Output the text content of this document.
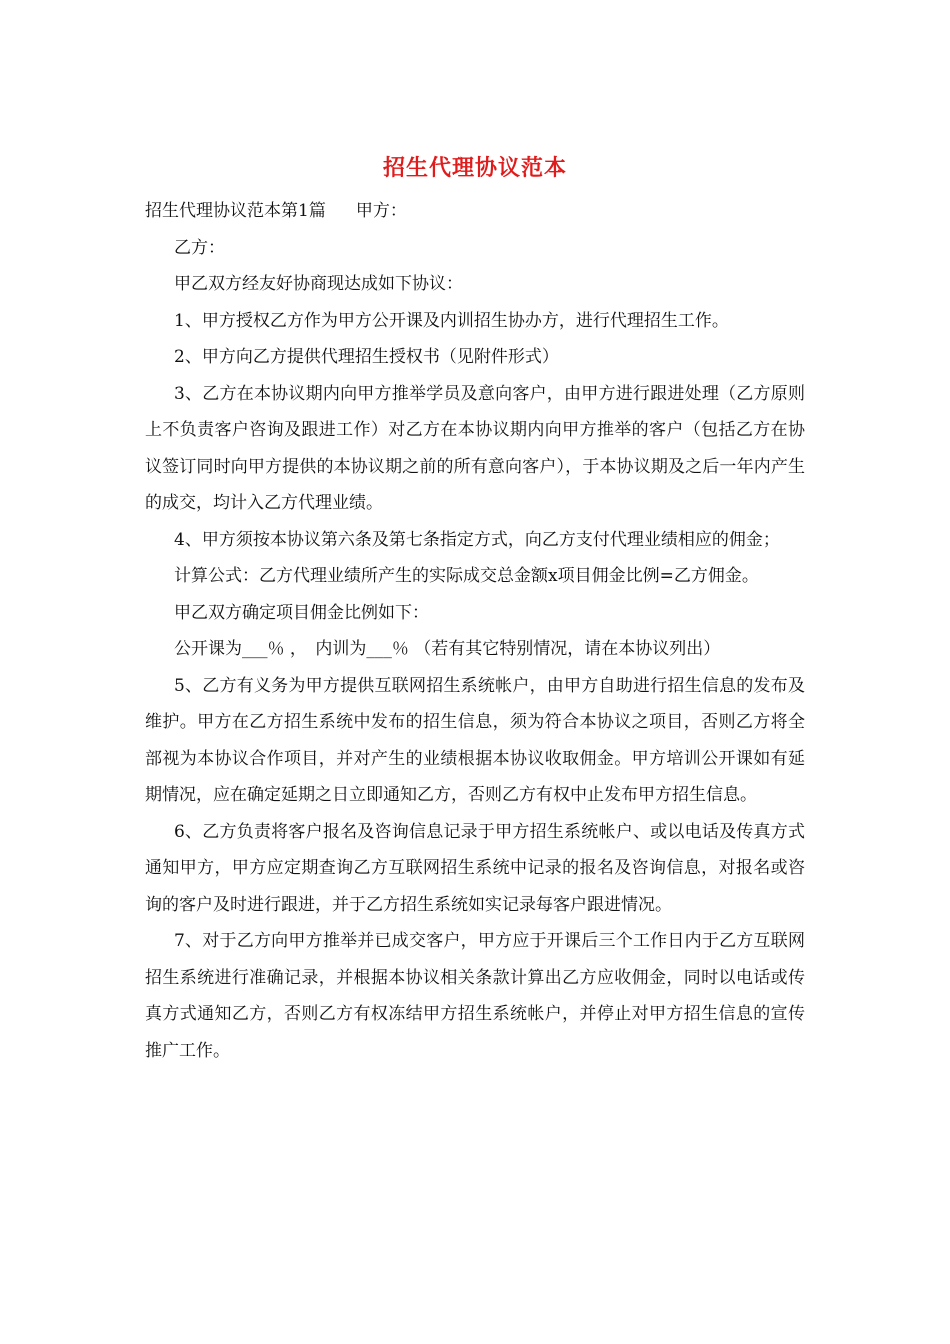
招生代理协议范本

招生代理协议范本第1篇 甲方：

乙方：

甲乙双方经友好协商现达成如下协议：

1、甲方授权乙方作为甲方公开课及内训招生协办方，进行代理招生工作。

2、甲方向乙方提供代理招生授权书（见附件形式）

3、乙方在本协议期内向甲方推举学员及意向客户，由甲方进行跟进处理（乙方原则上不负责客户咨询及跟进工作）对乙方在本协议期内向甲方推举的客户（包括乙方在协议签订同时向甲方提供的本协议期之前的所有意向客户），于本协议期及之后一年内产生的成交，均计入乙方代理业绩。

4、甲方须按本协议第六条及第七条指定方式，向乙方支付代理业绩相应的佣金；

计算公式：乙方代理业绩所产生的实际成交总金额x项目佣金比例=乙方佣金。

甲乙双方确定项目佣金比例如下：

公开课为___％ ，　内训为___％ （若有其它特别情况，请在本协议列出）

5、乙方有义务为甲方提供互联网招生系统帐户，由甲方自助进行招生信息的发布及维护。甲方在乙方招生系统中发布的招生信息，须为符合本协议之项目，否则乙方将全部视为本协议合作项目，并对产生的业绩根据本协议收取佣金。甲方培训公开课如有延期情况，应在确定延期之日立即通知乙方，否则乙方有权中止发布甲方招生信息。

6、乙方负责将客户报名及咨询信息记录于甲方招生系统帐户、或以电话及传真方式通知甲方，甲方应定期查询乙方互联网招生系统中记录的报名及咨询信息，对报名或咨询的客户及时进行跟进，并于乙方招生系统如实记录每客户跟进情况。

7、对于乙方向甲方推举并已成交客户，甲方应于开课后三个工作日内于乙方互联网招生系统进行准确记录，并根据本协议相关条款计算出乙方应收佣金，同时以电话或传真方式通知乙方，否则乙方有权冻结甲方招生系统帐户，并停止对甲方招生信息的宣传推广工作。
